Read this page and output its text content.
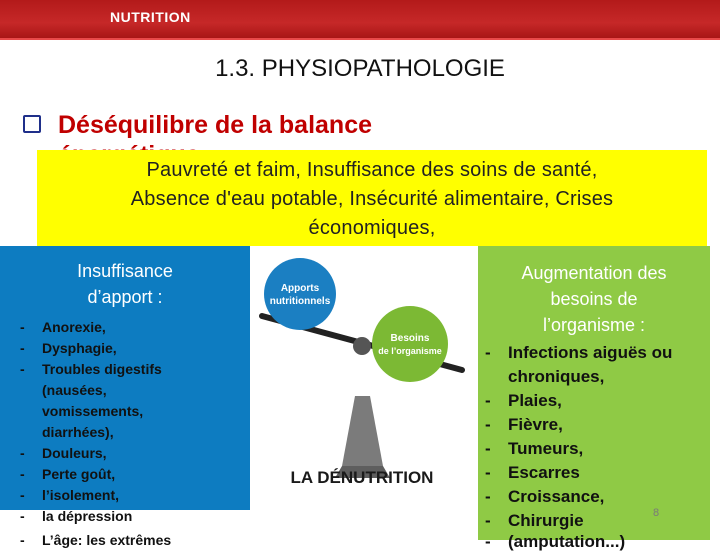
NUTRITION
1.3. PHYSIOPATHOLOGIE
Déséquilibre de la balance
Pauvreté et faim, Insuffisance des soins de santé,
Absence d'eau potable, Insécurité alimentaire, Crises
économiques,
Insuffisance
d’apport :
- Anorexie,
- Dysphagie,
- Troubles digestifs
(nausées,
vomissements,
diarrhées),
- Douleurs,
- Perte goût,
- l’isolement,
- la dépression
- L’âge: les extrêmes
Apports
nutritionnels
Besoins
de l’organisme
LA DÉNUTRITION
Augmentation des
besoins de
l’organisme :
- Infections aiguës ou
chroniques,
- Plaies,
- Fièvre,
- Tumeurs,
- Escarres
- Croissance,
- Chirurgie
- (amputation...)
8
